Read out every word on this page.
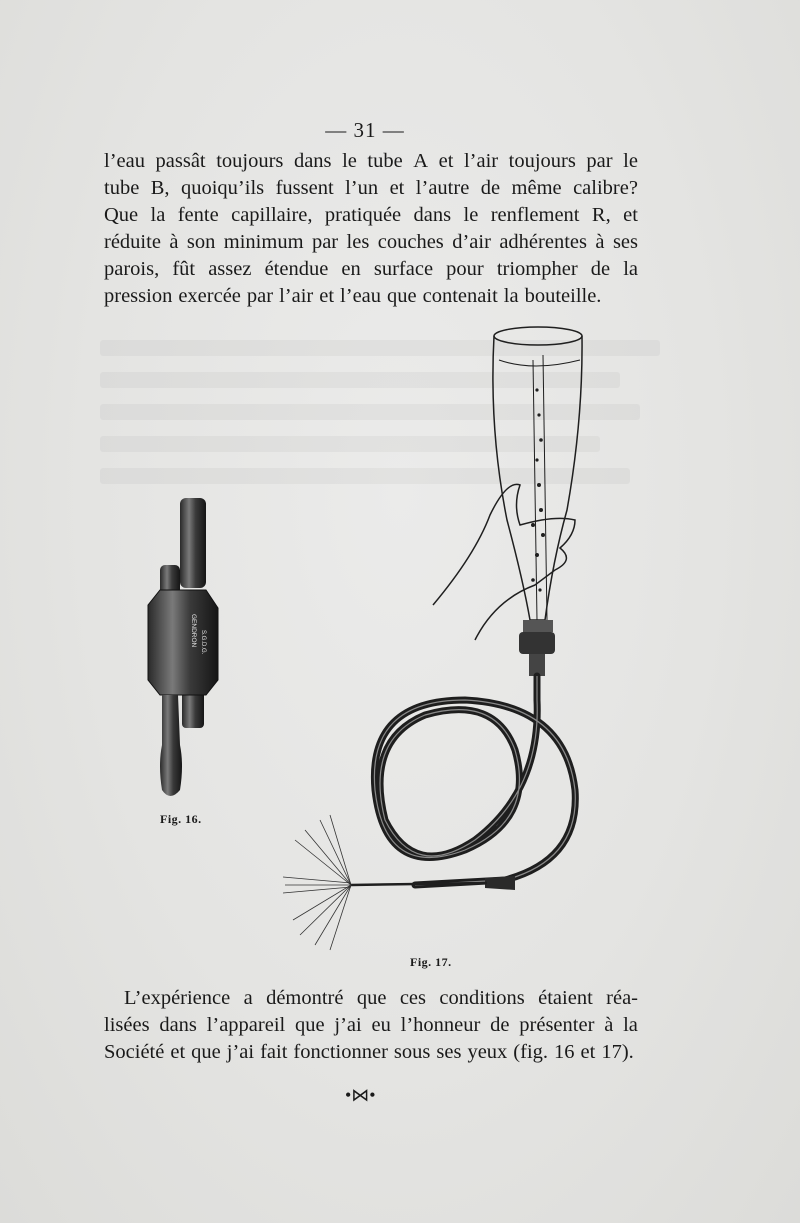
— 31 —
l’eau passât toujours dans le tube A et l’air toujours par le
tube B, quoiqu’ils fussent l’un et l’autre de même calibre?
Que la fente capillaire, pratiquée dans le renflement R, et
réduite à son minimum par les couches d’air adhérentes à ses
parois, fût assez étendue en surface pour triompher de la
pression exercée par l’air et l’eau que contenait la bouteille.
GENDRON S.G.D.G.
Fig. 16.
Fig. 17.
L’expérience a démontré que ces conditions étaient réa-
lisées dans l’appareil que j’ai eu l’honneur de présenter à la
Société et que j’ai fait fonctionner sous ses yeux (fig. 16 et 17).
•⋈•
